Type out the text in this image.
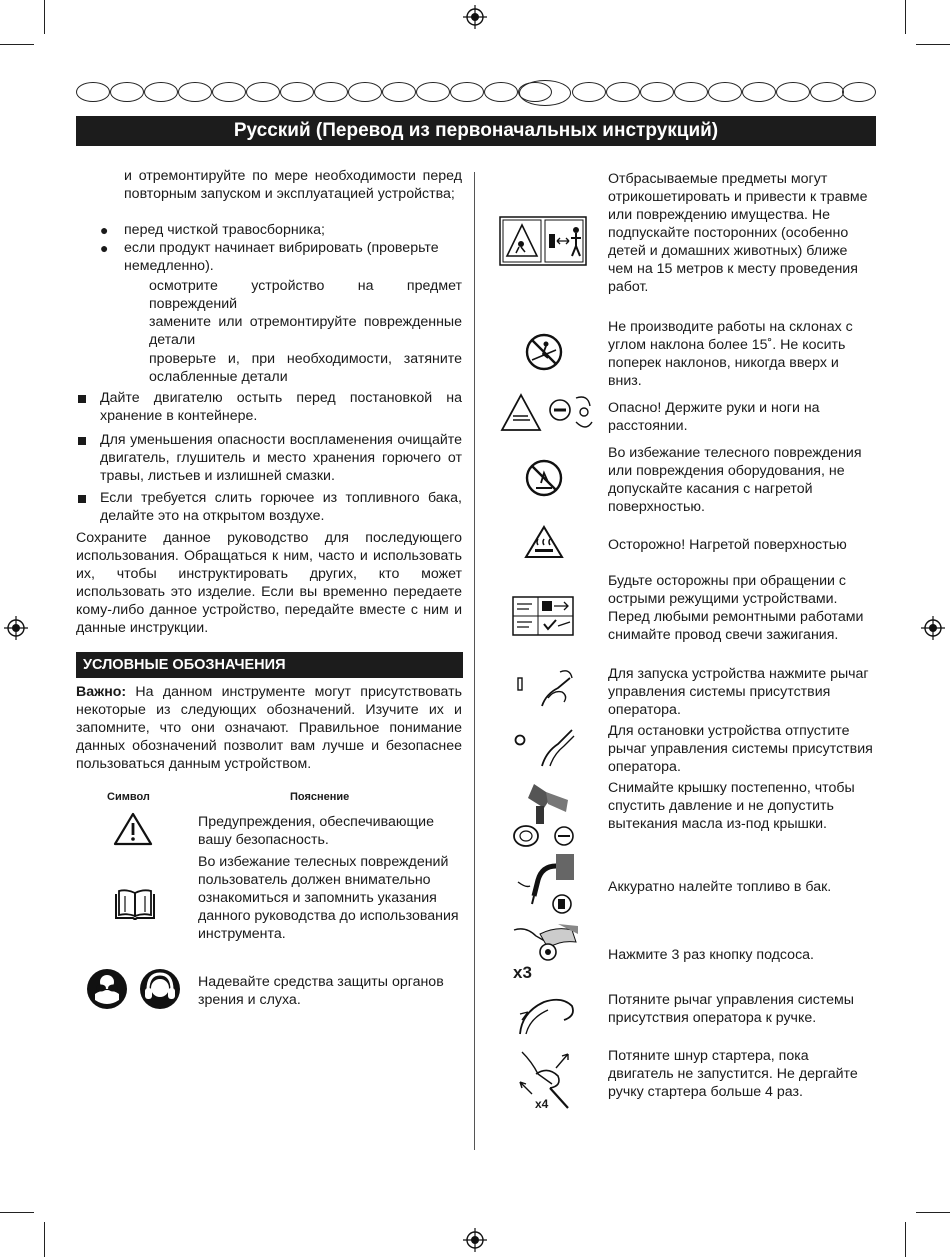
Русский (Перевод из первоначальных инструкций)
и отремонтируйте по мере необходимости перед повторным запуском и эксплуатацией устройства;
● перед чисткой травосборника;
● если продукт начинает вибрировать (проверьте немедленно).
осмотрите устройство на предмет повреждений
замените или отремонтируйте поврежденные детали
проверьте и, при необходимости, затяните ослабленные детали
Дайте двигателю остыть перед постановкой на хранение в контейнере.
Для уменьшения опасности воспламенения очищайте двигатель, глушитель и место хранения горючего от травы, листьев и излишней смазки.
Если требуется слить горючее из топливного бака, делайте это на открытом воздухе.
Сохраните данное руководство для последующего использования. Обращаться к ним, часто и использовать их, чтобы инструктировать других, кто может использовать это изделие. Если вы временно передаете кому-либо данное устройство, передайте вместе с ним и данные инструкции.
УСЛОВНЫЕ ОБОЗНАЧЕНИЯ
Важно: На данном инструменте могут присутствовать некоторые из следующих обозначений. Изучите их и запомните, что они означают. Правильное понимание данных обозначений позволит вам лучше и безопаснее пользоваться данным устройством.
Символ	Пояснение
Предупреждения, обеспечивающие вашу безопасность.
Во избежание телесных повреждений пользователь должен внимательно ознакомиться и запомнить указания данного руководства до использования инструмента.
Надевайте средства защиты органов зрения и слуха.
Отбрасываемые предметы могут отрикошетировать и привести к травме или повреждению имущества. Не подпускайте посторонних (особенно детей и домашних животных) ближе чем на 15 метров к месту проведения работ.
Не производите работы на склонах с углом наклона более 15˚. Не косить поперек наклонов, никогда вверх и вниз.
Опасно! Держите руки и ноги на расстоянии.
Во избежание телесного повреждения или повреждения оборудования, не допускайте касания с нагретой поверхностью.
Осторожно! Нагретой поверхностью
Будьте осторожны при обращении с острыми режущими устройствами. Перед любыми ремонтными работами снимайте провод свечи зажигания.
Для запуска устройства нажмите рычаг управления системы присутствия оператора.
Для остановки устройства отпустите рычаг управления системы присутствия оператора.
Снимайте крышку постепенно, чтобы спустить давление и не допустить вытекания масла из-под крышки.
Аккуратно налейте топливо в бак.
x3
Нажмите 3 раз кнопку подсоса.
Потяните рычаг управления системы присутствия оператора к ручке.
x4
Потяните шнур стартера, пока двигатель не запустится. Не дергайте ручку стартера больше 4 раз.
